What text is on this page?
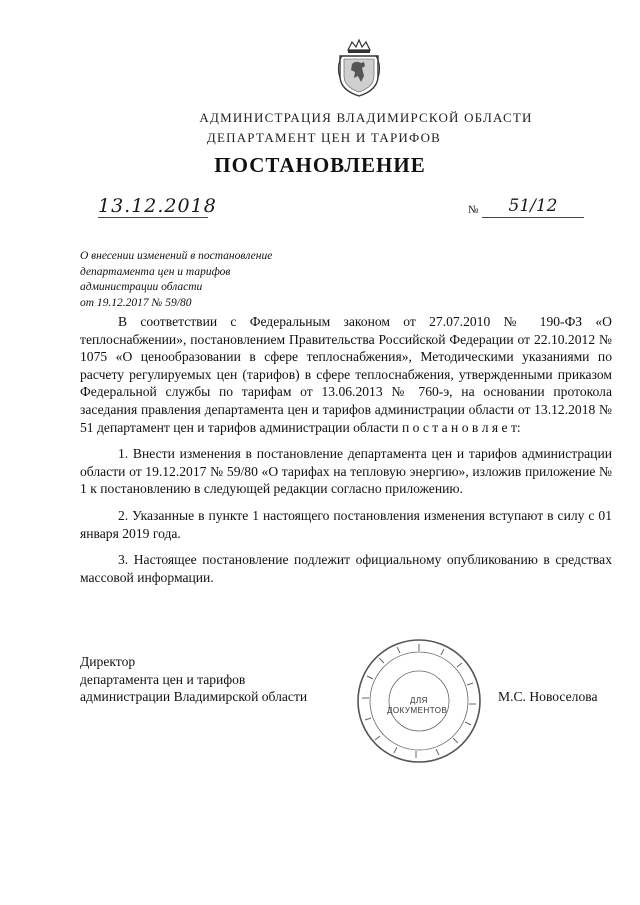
АДМИНИСТРАЦИЯ ВЛАДИМИРСКОЙ ОБЛАСТИ
ДЕПАРТАМЕНТ ЦЕН И ТАРИФОВ
ПОСТАНОВЛЕНИЕ
13.12.2018	№	51/12
О внесении изменений в постановление
департамента цен и тарифов
администрации области
от 19.12.2017 № 59/80

В соответствии с Федеральным законом от 27.07.2010 № 190-ФЗ «О теплоснабжении», постановлением Правительства Российской Федерации от 22.10.2012 № 1075 «О ценообразовании в сфере теплоснабжения», Методическими указаниями по расчету регулируемых цен (тарифов) в сфере теплоснабжения, утвержденными приказом Федеральной службы по тарифам от 13.06.2013 № 760-э, на основании протокола заседания правления департамента цен и тарифов администрации области от 13.12.2018 № 51 департамент цен и тарифов администрации области п о с т а н о в л я е т:

1. Внести изменения в постановление департамента цен и тарифов администрации области от 19.12.2017 № 59/80 «О тарифах на тепловую энергию», изложив приложение № 1 к постановлению в следующей редакции согласно приложению.

2. Указанные в пункте 1 настоящего постановления изменения вступают в силу с 01 января 2019 года.

3. Настоящее постановление подлежит официальному опубликованию в средствах массовой информации.

Директор
департамента цен и тарифов
администрации Владимирской области	ДЛЯ
ДОКУМЕНТОВ
М.С. Новоселова
